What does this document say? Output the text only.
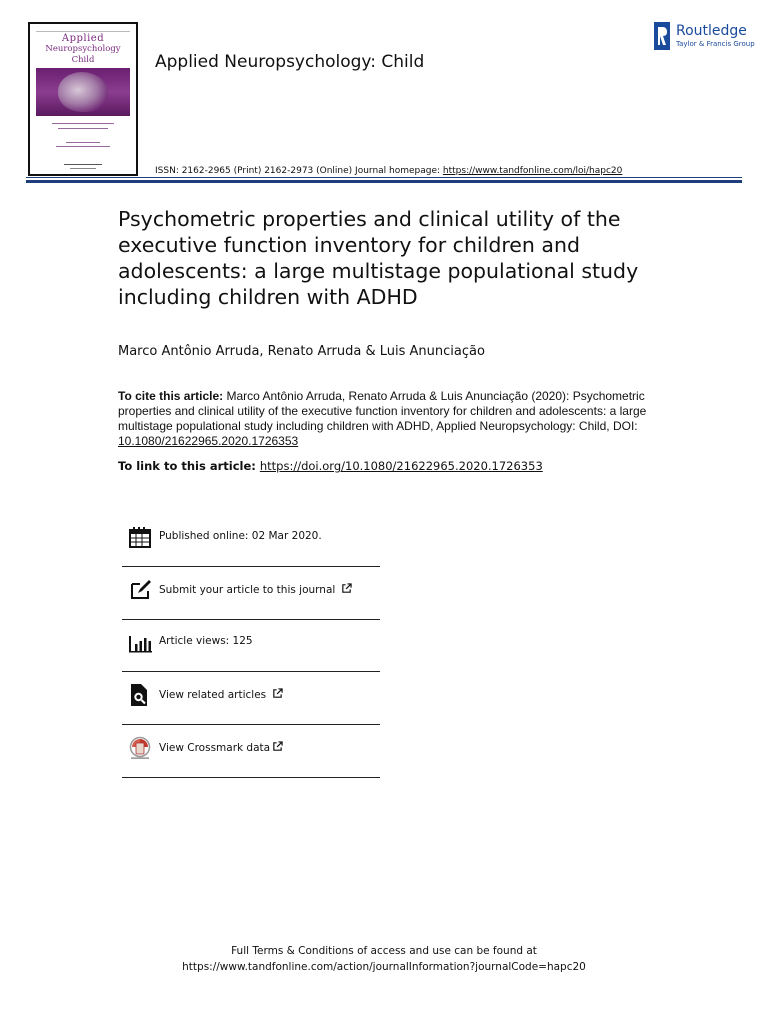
Applied
Neuropsychology
Child	Applied Neuropsychology: Child
Routledge
Taylor & Francis Group
ISSN: 2162-2965 (Print) 2162-2973 (Online) Journal homepage: https://www.tandfonline.com/loi/hapc20
Psychometric properties and clinical utility of the executive function inventory for children and adolescents: a large multistage populational study including children with ADHD
Marco Antônio Arruda, Renato Arruda & Luis Anunciação
To cite this article: Marco Antônio Arruda, Renato Arruda & Luis Anunciação (2020): Psychometric properties and clinical utility of the executive function inventory for children and adolescents: a large multistage populational study including children with ADHD, Applied Neuropsychology: Child, DOI: 10.1080/21622965.2020.1726353
To link to this article: https://doi.org/10.1080/21622965.2020.1726353
Published online: 02 Mar 2020.
Submit your article to this journal
Article views: 125
View related articles
View Crossmark data
Full Terms & Conditions of access and use can be found at
https://www.tandfonline.com/action/journalInformation?journalCode=hapc20
